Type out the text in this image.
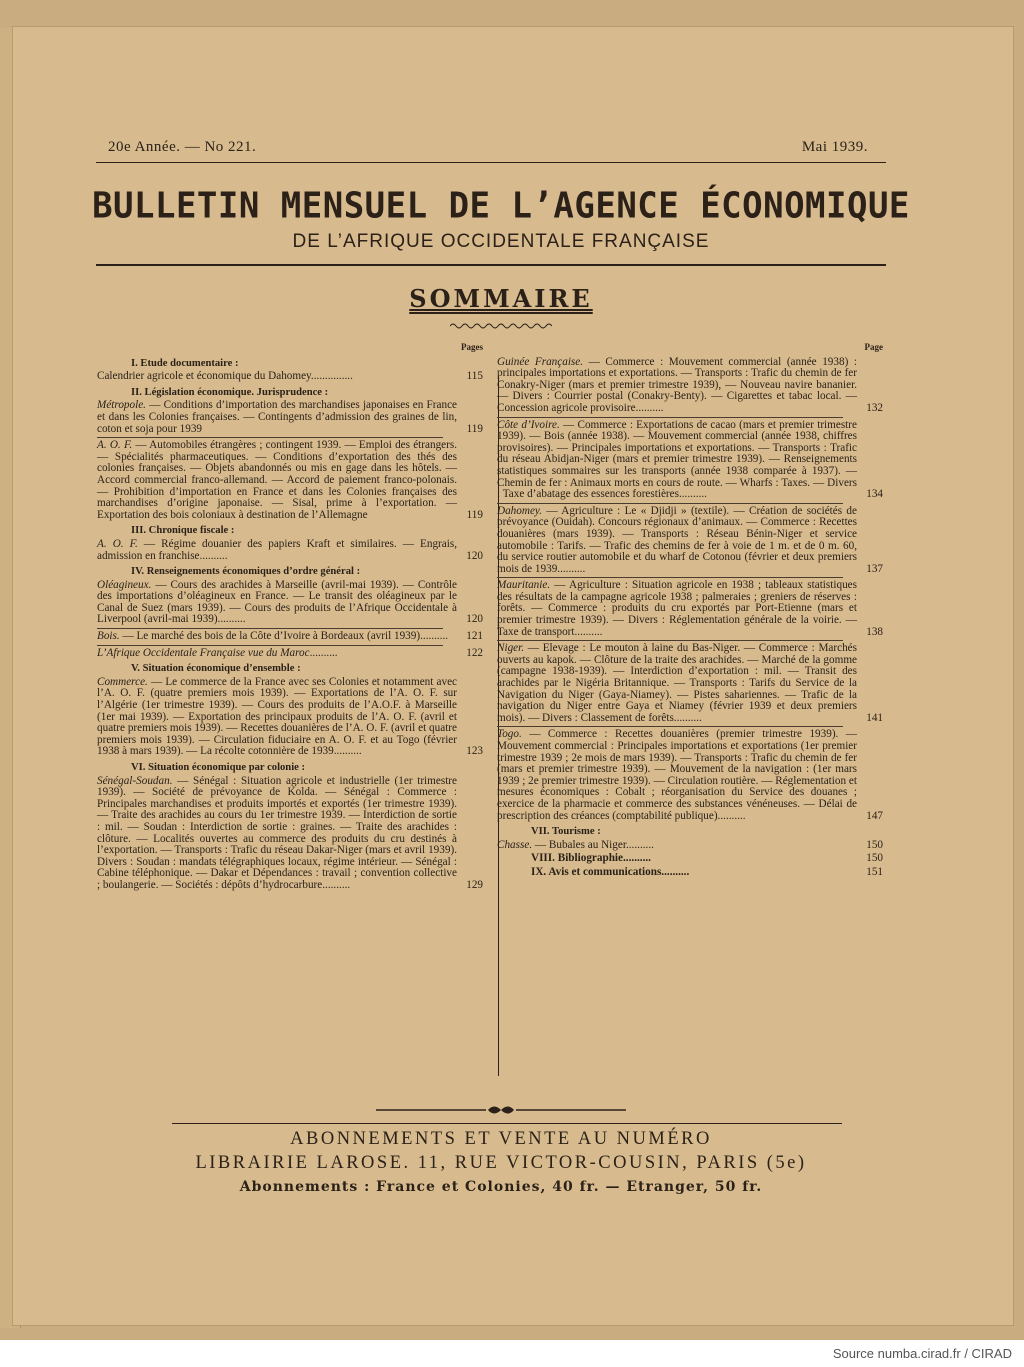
20e Année. — No 221.	Mai 1939.
BULLETIN MENSUEL DE L’AGENCE ÉCONOMIQUE
DE L’AFRIQUE OCCIDENTALE FRANÇAISE
SOMMAIRE
Pages
I. Etude documentaire :
Calendrier agricole et économique du Dahomey...............	115
II. Législation économique. Jurisprudence :
Métropole. — Conditions d’importation des marchandises japonaises en France et dans les Colonies françaises. — Contingents d’admission des graines de lin, coton et soja pour 1939	119
A. O. F. — Automobiles étrangères ; contingent 1939. — Emploi des étrangers. — Spécialités pharmaceutiques. — Conditions d’exportation des thés des colonies françaises. — Objets abandonnés ou mis en gage dans les hôtels. — Accord commercial franco-allemand. — Accord de paiement franco-polonais. — Prohibition d’importation en France et dans les Colonies françaises des marchandises d’origine japonaise. — Sisal, prime à l’exportation. — Exportation des bois coloniaux à destination de l’Allemagne	119
III. Chronique fiscale :
A. O. F. — Régime douanier des papiers Kraft et similaires. — Engrais, admission en franchise..........	120
IV. Renseignements économiques d’ordre général :
Oléagineux. — Cours des arachides à Marseille (avril-mai 1939). — Contrôle des importations d’oléagineux en France. — Le transit des oléagineux par le Canal de Suez (mars 1939). — Cours des produits de l’Afrique Occidentale à Liverpool (avril-mai 1939)..........	120
Bois. — Le marché des bois de la Côte d’Ivoire à Bordeaux (avril 1939)..........	121
L’Afrique Occidentale Française vue du Maroc..........	122
V. Situation économique d’ensemble :
Commerce. — Le commerce de la France avec ses Colonies et notamment avec l’A. O. F. (quatre premiers mois 1939). — Exportations de l’A. O. F. sur l’Algérie (1er trimestre 1939). — Cours des produits de l’A.O.F. à Marseille (1er mai 1939). — Exportation des principaux produits de l’A. O. F. (avril et quatre premiers mois 1939). — Recettes douanières de l’A. O. F. (avril et quatre premiers mois 1939). — Circulation fiduciaire en A. O. F. et au Togo (février 1938 à mars 1939). — La récolte cotonnière de 1939..........	123
VI. Situation économique par colonie :
Sénégal-Soudan. — Sénégal : Situation agricole et industrielle (1er trimestre 1939). — Société de prévoyance de Kolda. — Sénégal : Commerce : Principales marchandises et produits importés et exportés (1er trimestre 1939). — Traite des arachides au cours du 1er trimestre 1939. — Interdiction de sortie : mil. — Soudan : Interdiction de sortie : graines. — Traite des arachides : clôture. — Localités ouvertes au commerce des produits du cru destinés à l’exportation. — Transports : Trafic du réseau Dakar-Niger (mars et avril 1939). Divers : Soudan : mandats télégraphiques locaux, régime intérieur. — Sénégal : Cabine téléphonique. — Dakar et Dépendances : travail ; convention collective ; boulangerie. — Sociétés : dépôts d’hydrocarbure..........	129
Page
Guinée Française. — Commerce : Mouvement commercial (année 1938) : principales importations et exportations. — Transports : Trafic du chemin de fer Conakry-Niger (mars et premier trimestre 1939), — Nouveau navire bananier. — Divers : Courrier postal (Conakry-Benty). — Cigarettes et tabac local. — Concession agricole provisoire..........	132
Côte d’Ivoire. — Commerce : Exportations de cacao (mars et premier trimestre 1939). — Bois (année 1938). — Mouvement commercial (année 1938, chiffres provisoires). — Principales importations et exportations. — Transports : Trafic du réseau Abidjan-Niger (mars et premier trimestre 1939). — Renseignements statistiques sommaires sur les transports (année 1938 comparée à 1937). — Chemin de fer : Animaux morts en cours de route. — Wharfs : Taxes. — Divers : Taxe d’abatage des essences forestières..........	134
Dahomey. — Agriculture : Le « Djidji » (textile). — Création de sociétés de prévoyance (Ouidah). Concours régionaux d’animaux. — Commerce : Recettes douanières (mars 1939). — Transports : Réseau Bénin-Niger et service automobile : Tarifs. — Trafic des chemins de fer à voie de 1 m. et de 0 m. 60, du service routier automobile et du wharf de Cotonou (février et deux premiers mois de 1939..........	137
Mauritanie. — Agriculture : Situation agricole en 1938 ; tableaux statistiques des résultats de la campagne agricole 1938 ; palmeraies ; greniers de réserves : forêts. — Commerce : produits du cru exportés par Port-Etienne (mars et premier trimestre 1939). — Divers : Réglementation générale de la voirie. — Taxe de transport..........	138
Niger. — Elevage : Le mouton à laine du Bas-Niger. — Commerce : Marchés ouverts au kapok. — Clôture de la traite des arachides. — Marché de la gomme (campagne 1938-1939). — Interdiction d’exportation : mil. — Transit des arachides par le Nigéria Britannique. — Transports : Tarifs du Service de la Navigation du Niger (Gaya-Niamey). — Pistes sahariennes. — Trafic de la navigation du Niger entre Gaya et Niamey (février 1939 et deux premiers mois). — Divers : Classement de forêts..........	141
Togo. — Commerce : Recettes douanières (premier trimestre 1939). — Mouvement commercial : Principales importations et exportations (1er premier trimestre 1939 ; 2e mois de mars 1939). — Transports : Trafic du chemin de fer (mars et premier trimestre 1939). — Mouvement de la navigation : (1er mars 1939 ; 2e premier trimestre 1939). — Circulation routière. — Réglementation et mesures économiques : Cobalt ; réorganisation du Service des douanes ; exercice de la pharmacie et commerce des substances vénéneuses. — Délai de prescription des créances (comptabilité publique)..........	147
VII. Tourisme :
Chasse. — Bubales au Niger..........	150
VIII. Bibliographie..........	150
IX. Avis et communications..........	151
ABONNEMENTS ET VENTE AU NUMÉRO
LIBRAIRIE LAROSE. 11, RUE VICTOR-COUSIN, PARIS (5e)
Abonnements : France et Colonies, 40 fr. — Etranger, 50 fr.
Source numba.cirad.fr / CIRAD
